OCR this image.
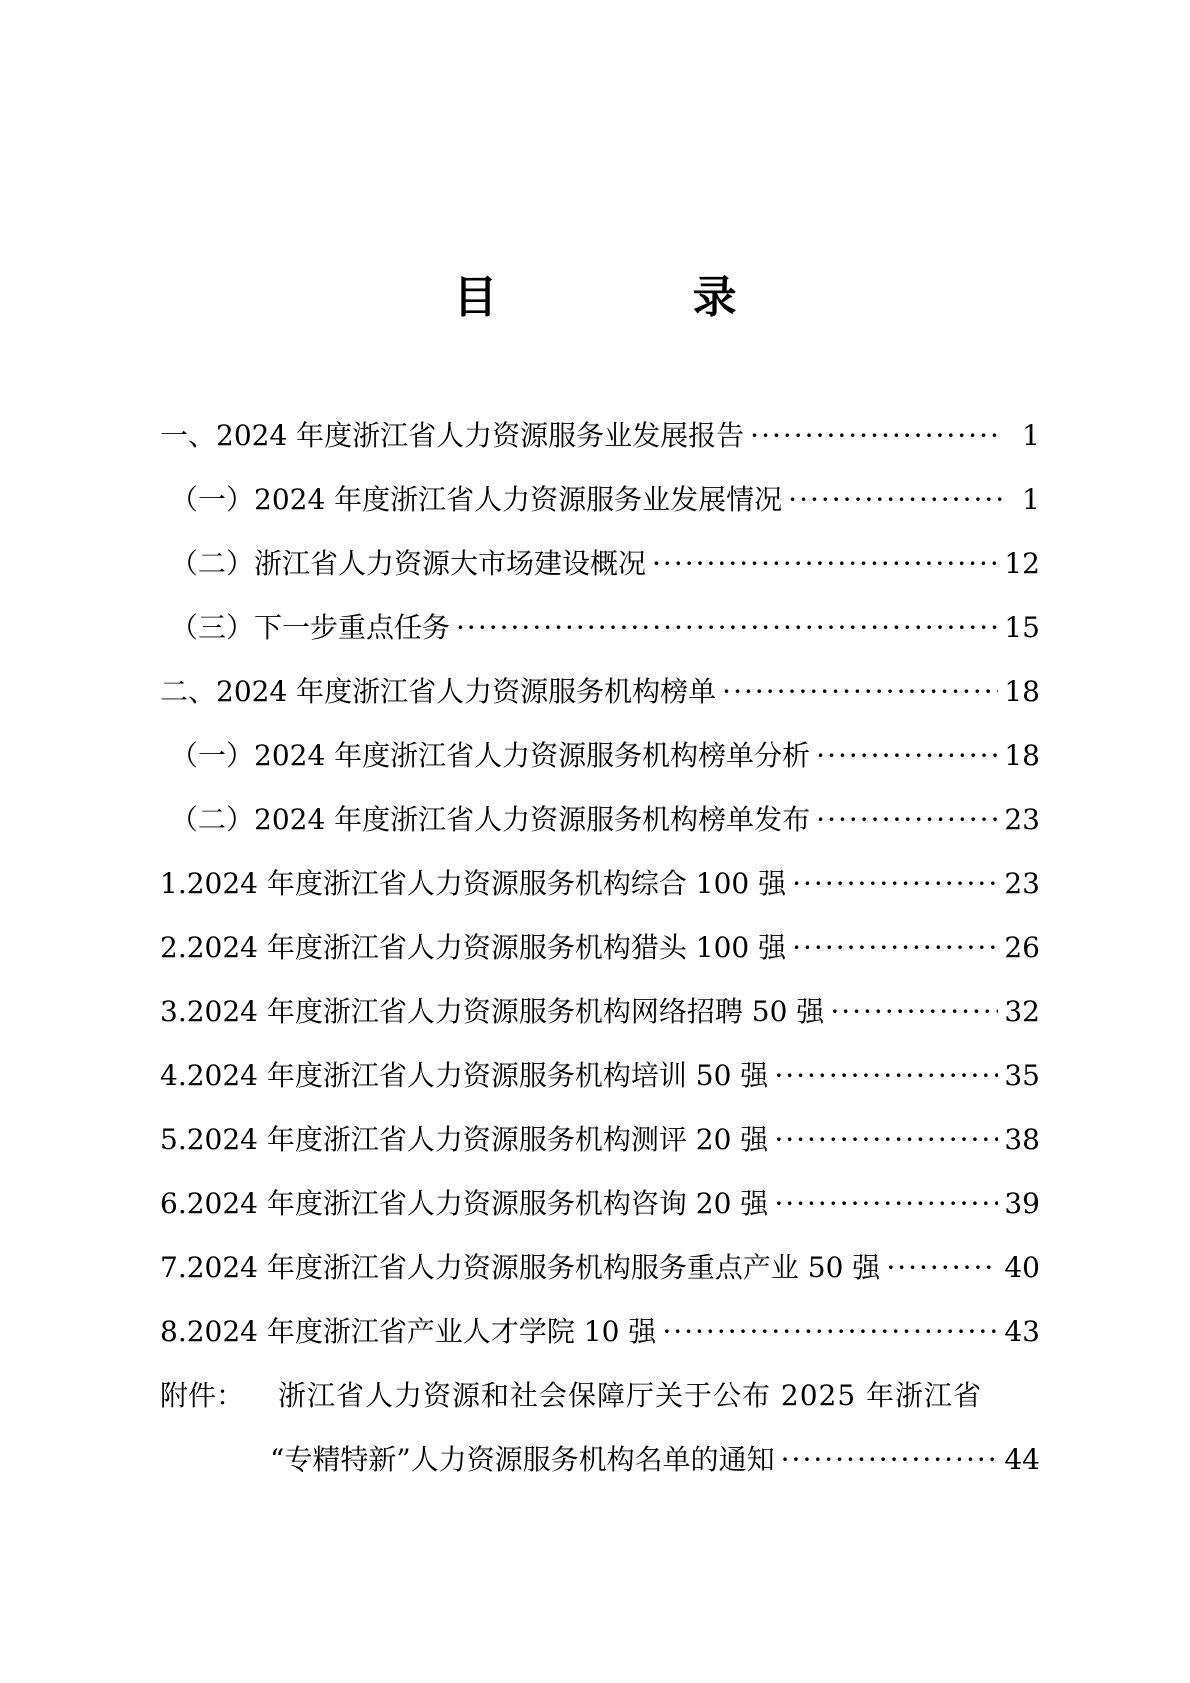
目 录
一、2024 年度浙江省人力资源服务业发展报告 ·····	1
（一）2024 年度浙江省人力资源服务业发展情况 ·····	1
（二）浙江省人力资源大市场建设概况 ·····	12
（三）下一步重点任务 ·····	15
二、2024 年度浙江省人力资源服务机构榜单 ·····	18
（一）2024 年度浙江省人力资源服务机构榜单分析 ·····	18
（二）2024 年度浙江省人力资源服务机构榜单发布 ·····	23
1.2024 年度浙江省人力资源服务机构综合 100 强 ·····	23
2.2024 年度浙江省人力资源服务机构猎头 100 强 ·····	26
3.2024 年度浙江省人力资源服务机构网络招聘 50 强 ·····	32
4.2024 年度浙江省人力资源服务机构培训 50 强 ·····	35
5.2024 年度浙江省人力资源服务机构测评 20 强 ·····	38
6.2024 年度浙江省人力资源服务机构咨询 20 强 ·····	39
7.2024 年度浙江省人力资源服务机构服务重点产业 50 强 ·····	40
8.2024 年度浙江省产业人才学院 10 强 ·····	43
附件：	浙江省人力资源和社会保障厅关于公布 2025 年浙江省
“专精特新”人力资源服务机构名单的通知 ·····	44
